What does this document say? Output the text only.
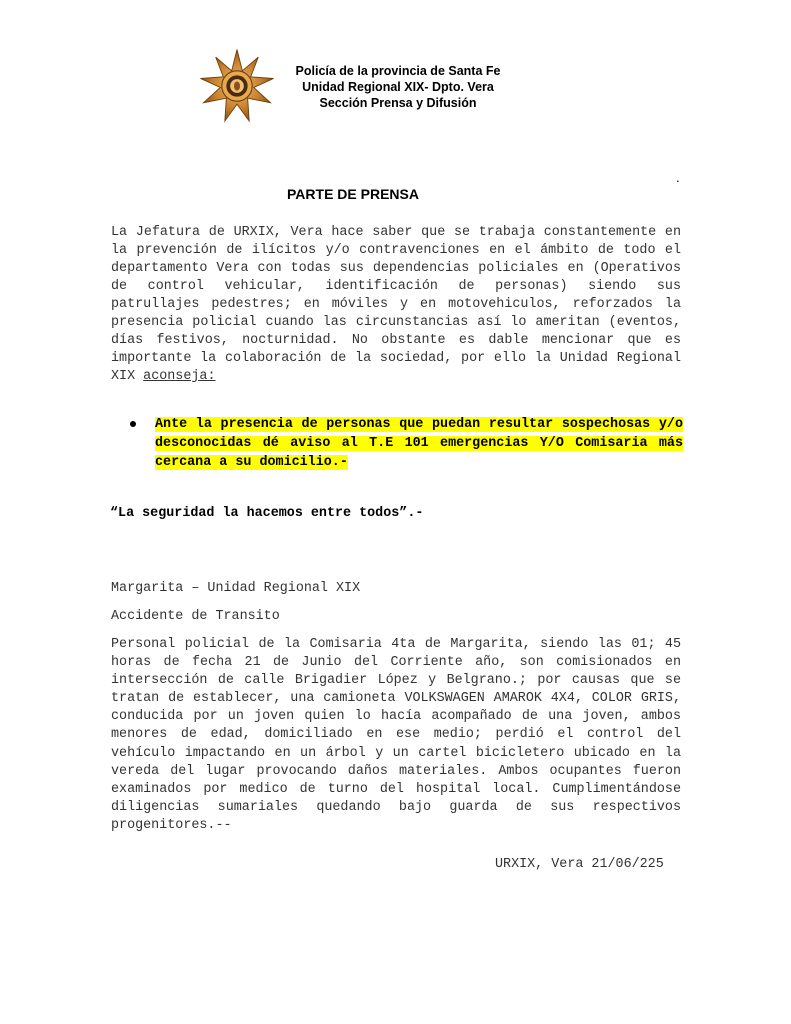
Policía de la provincia de Santa Fe
Unidad Regional XIX- Dpto. Vera
Sección Prensa y Difusión
.
PARTE DE PRENSA
La Jefatura de URXIX, Vera hace saber que se trabaja constantemente en la prevención de ilícitos y/o contravenciones en el ámbito de todo el departamento Vera con todas sus dependencias policiales en (Operativos de control vehicular, identificación de personas) siendo sus patrullajes pedestres; en móviles y en motovehiculos, reforzados la presencia policial cuando las circunstancias así lo ameritan (eventos, días festivos, nocturnidad. No obstante es dable mencionar que es importante la colaboración de la sociedad, por ello la Unidad Regional XIX aconseja:
Ante la presencia de personas que puedan resultar sospechosas y/o desconocidas dé aviso al T.E 101 emergencias Y/O Comisaria más cercana a su domicilio.-
“La seguridad la hacemos entre todos”.-
Margarita – Unidad Regional XIX
Accidente de Transito
Personal policial de la Comisaria 4ta de Margarita, siendo las 01; 45 horas de fecha 21 de Junio del Corriente año, son comisionados en intersección de calle Brigadier López y Belgrano.; por causas que se tratan de establecer, una camioneta VOLKSWAGEN AMAROK 4X4, COLOR GRIS, conducida por un joven quien lo hacía acompañado de una joven, ambos menores de edad, domiciliado en ese medio; perdió el control del vehículo impactando en un árbol y un cartel bicicletero ubicado en la vereda del lugar provocando daños materiales. Ambos ocupantes fueron examinados por medico de turno del hospital local. Cumplimentándose diligencias sumariales quedando bajo guarda de sus respectivos progenitores.--
URXIX, Vera 21/06/225
